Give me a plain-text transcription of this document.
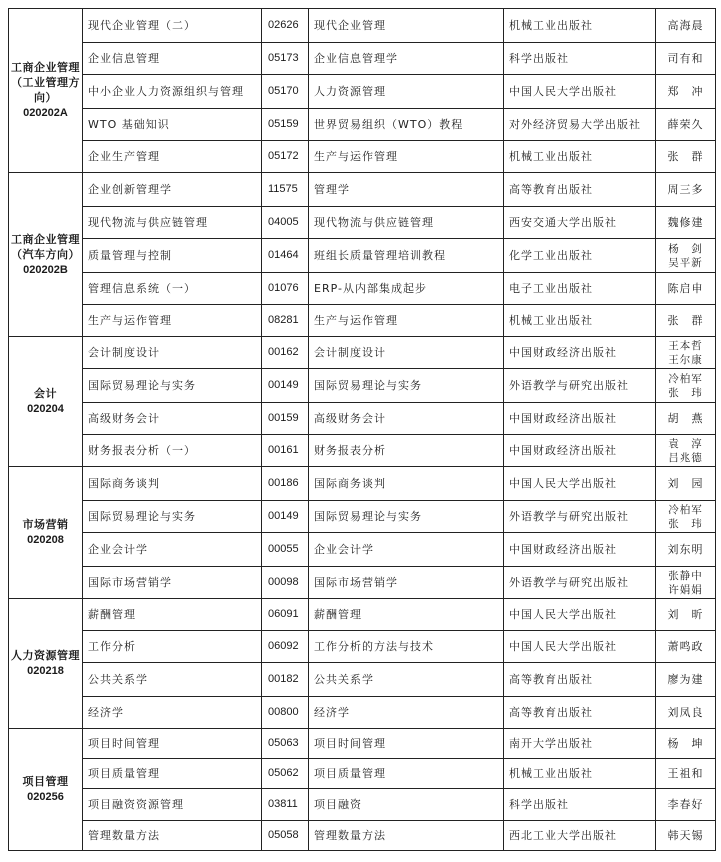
工商企业管理（工业管理方向）
020202A	现代企业管理（二）	02626	现代企业管理	机械工业出版社	高海晨

	企业信息管理	05173	企业信息管理学	科学出版社	司有和

	中小企业人力资源组织与管理	05170	人力资源管理	中国人民大学出版社	郑　冲

	WTO 基础知识	05159	世界贸易组织（WTO）教程	对外经济贸易大学出版社	薛荣久

	企业生产管理	05172	生产与运作管理	机械工业出版社	张　群

工商企业管理（汽车方向）
020202B	企业创新管理学	11575	管理学	高等教育出版社	周三多

	现代物流与供应链管理	04005	现代物流与供应链管理	西安交通大学出版社	魏修建

	质量管理与控制	01464	班组长质量管理培训教程	化学工业出版社	杨　剑
吴平新

	管理信息系统（一）	01076	ERP-从内部集成起步	电子工业出版社	陈启申

	生产与运作管理	08281	生产与运作管理	机械工业出版社	张　群

会计
020204	会计制度设计	00162	会计制度设计	中国财政经济出版社	王本哲
王尔康

	国际贸易理论与实务	00149	国际贸易理论与实务	外语教学与研究出版社	冷柏军
张　玮

	高级财务会计	00159	高级财务会计	中国财政经济出版社	胡　燕

	财务报表分析（一）	00161	财务报表分析	中国财政经济出版社	袁　淳
吕兆德

市场营销
020208	国际商务谈判	00186	国际商务谈判	中国人民大学出版社	刘　园

	国际贸易理论与实务	00149	国际贸易理论与实务	外语教学与研究出版社	冷柏军
张　玮

	企业会计学	00055	企业会计学	中国财政经济出版社	刘东明

	国际市场营销学	00098	国际市场营销学	外语教学与研究出版社	张静中
许娟娟

人力资源管理
020218	薪酬管理	06091	薪酬管理	中国人民大学出版社	刘　昕

	工作分析	06092	工作分析的方法与技术	中国人民大学出版社	萧鸣政

	公共关系学	00182	公共关系学	高等教育出版社	廖为建

	经济学	00800	经济学	高等教育出版社	刘凤良

项目管理
020256	项目时间管理	05063	项目时间管理	南开大学出版社	杨　坤

	项目质量管理	05062	项目质量管理	机械工业出版社	王祖和

	项目融资资源管理	03811	项目融资	科学出版社	李春好

	管理数量方法	05058	管理数量方法	西北工业大学出版社	韩天锡
